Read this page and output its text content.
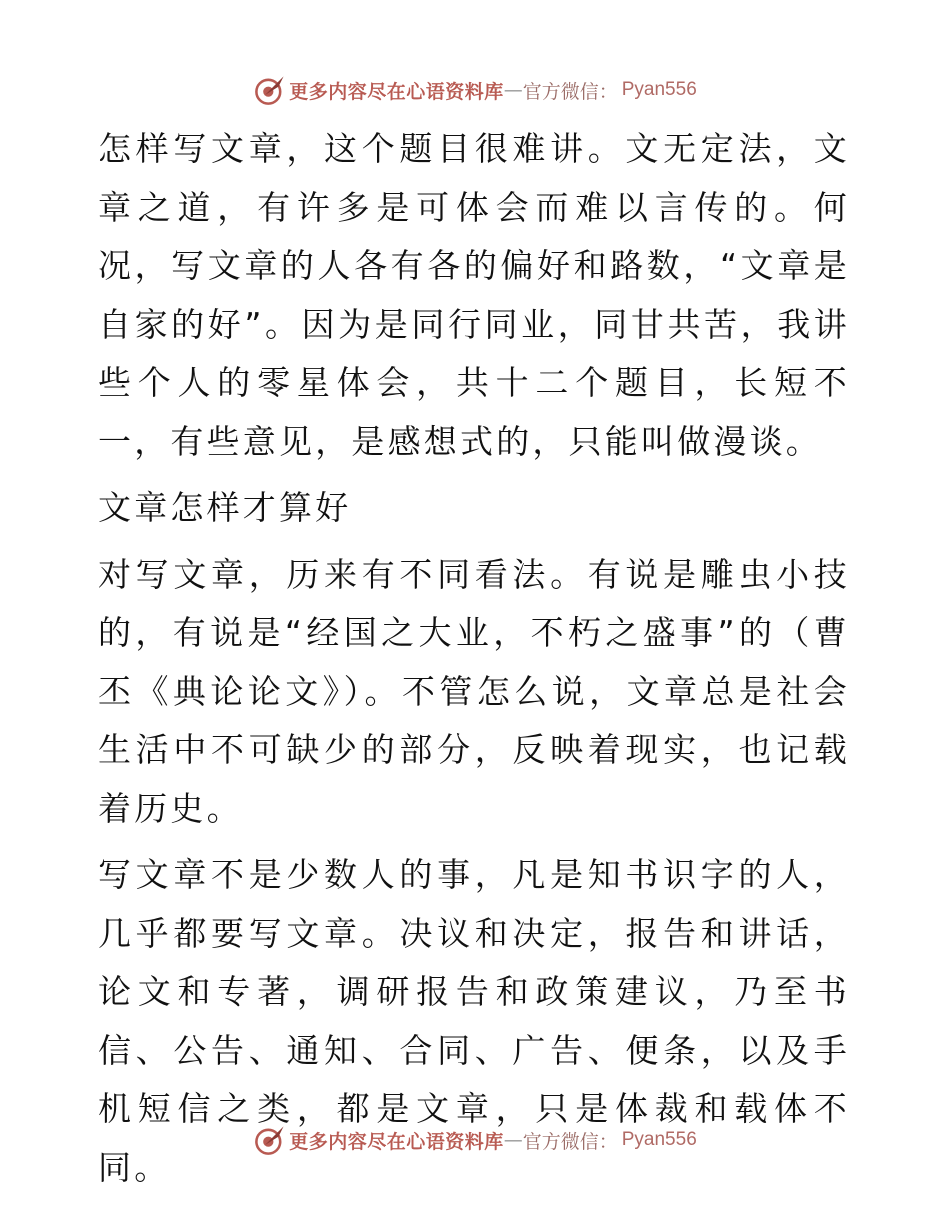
更多内容尽在心语资料库 — 官方微信： Pyan556

怎样写文章，这个题目很难讲。文无定法，文章之道，有许多是可体会而难以言传的。何况，写文章的人各有各的偏好和路数，“文章是自家的好”。因为是同行同业，同甘共苦，我讲些个人的零星体会，共十二个题目，长短不一，有些意见，是感想式的，只能叫做漫谈。

文章怎样才算好

对写文章，历来有不同看法。有说是雕虫小技的，有说是“经国之大业，不朽之盛事”的（曹丕《典论论文》）。不管怎么说，文章总是社会生活中不可缺少的部分，反映着现实，也记载着历史。

写文章不是少数人的事，凡是知书识字的人，几乎都要写文章。决议和决定，报告和讲话，论文和专著，调研报告和政策建议，乃至书信、公告、通知、合同、广告、便条，以及手机短信之类，都是文章，只是体裁和载体不同。

更多内容尽在心语资料库 — 官方微信： Pyan556
